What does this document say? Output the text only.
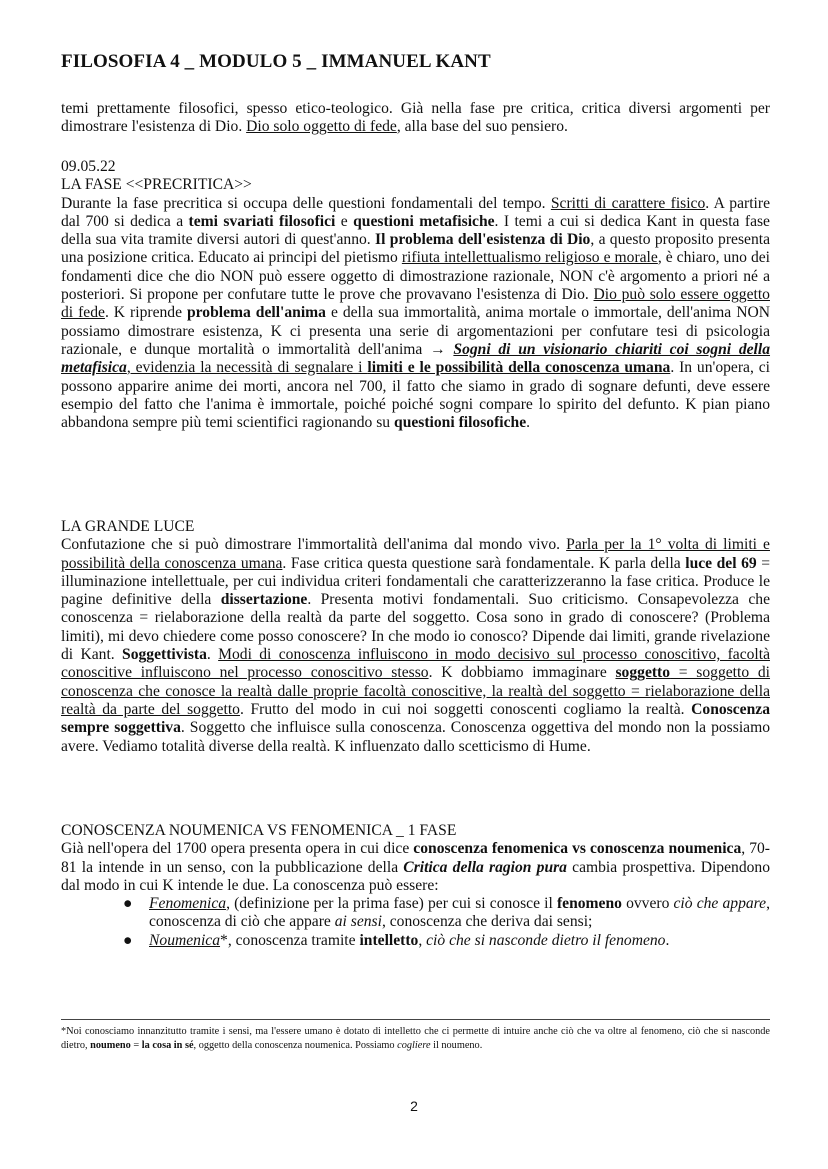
FILOSOFIA 4 _ MODULO 5 _ IMMANUEL KANT

temi prettamente filosofici, spesso etico-teologico. Già nella fase pre critica, critica diversi argomenti per dimostrare l'esistenza di Dio. Dio solo oggetto di fede, alla base del suo pensiero.

09.05.22
LA FASE <<PRECRITICA>>

Durante la fase precritica si occupa delle questioni fondamentali del tempo. Scritti di carattere fisico. A partire dal 700 si dedica a temi svariati filosofici e questioni metafisiche. I temi a cui si dedica Kant in questa fase della sua vita tramite diversi autori di quest'anno. Il problema dell'esistenza di Dio, a questo proposito presenta una posizione critica. Educato ai principi del pietismo rifiuta intellettualismo religioso e morale, è chiaro, uno dei fondamenti dice che dio NON può essere oggetto di dimostrazione razionale, NON c'è argomento a priori né a posteriori. Si propone per confutare tutte le prove che provavano l'esistenza di Dio. Dio può solo essere oggetto di fede. K riprende problema dell'anima e della sua immortalità, anima mortale o immortale, dell'anima NON possiamo dimostrare esistenza, K ci presenta una serie di argomentazioni per confutare tesi di psicologia razionale, e dunque mortalità o immortalità dell'anima → Sogni di un visionario chiariti coi sogni della metafisica, evidenzia la necessità di segnalare i limiti e le possibilità della conoscenza umana. In un'opera, ci possono apparire anime dei morti, ancora nel 700, il fatto che siamo in grado di sognare defunti, deve essere esempio del fatto che l'anima è immortale, poiché poiché sogni compare lo spirito del defunto. K pian piano abbandona sempre più temi scientifici ragionando su questioni filosofiche.

LA GRANDE LUCE

Confutazione che si può dimostrare l'immortalità dell'anima dal mondo vivo. Parla per la 1° volta di limiti e possibilità della conoscenza umana. Fase critica questa questione sarà fondamentale. K parla della luce del 69 = illuminazione intellettuale, per cui individua criteri fondamentali che caratterizzeranno la fase critica. Produce le pagine definitive della dissertazione. Presenta motivi fondamentali. Suo criticismo. Consapevolezza che conoscenza = rielaborazione della realtà da parte del soggetto. Cosa sono in grado di conoscere? (Problema limiti), mi devo chiedere come posso conoscere? In che modo io conosco? Dipende dai limiti, grande rivelazione di Kant. Soggettivista. Modi di conoscenza influiscono in modo decisivo sul processo conoscitivo, facoltà conoscitive influiscono nel processo conoscitivo stesso. K dobbiamo immaginare soggetto = soggetto di conoscenza che conosce la realtà dalle proprie facoltà conoscitive, la realtà del soggetto = rielaborazione della realtà da parte del soggetto. Frutto del modo in cui noi soggetti conoscenti cogliamo la realtà. Conoscenza sempre soggettiva. Soggetto che influisce sulla conoscenza. Conoscenza oggettiva del mondo non la possiamo avere. Vediamo totalità diverse della realtà. K influenzato dallo scetticismo di Hume.

CONOSCENZA NOUMENICA VS FENOMENICA _ 1 FASE

Già nell'opera del 1700 opera presenta opera in cui dice conoscenza fenomenica vs conoscenza noumenica, 70-81 la intende in un senso, con la pubblicazione della Critica della ragion pura cambia prospettiva. Dipendono dal modo in cui K intende le due. La conoscenza può essere:

● Fenomenica, (definizione per la prima fase) per cui si conosce il fenomeno ovvero ciò che appare, conoscenza di ciò che appare ai sensi, conoscenza che deriva dai sensi;
● Noumenica*, conoscenza tramite intelletto, ciò che si nasconde dietro il fenomeno.
*Noi conosciamo innanzitutto tramite i sensi, ma l'essere umano è dotato di intelletto che ci permette di intuire anche ciò che va oltre al fenomeno, ciò che si nasconde dietro, noumeno = la cosa in sé, oggetto della conoscenza noumenica. Possiamo cogliere il noumeno.
2
